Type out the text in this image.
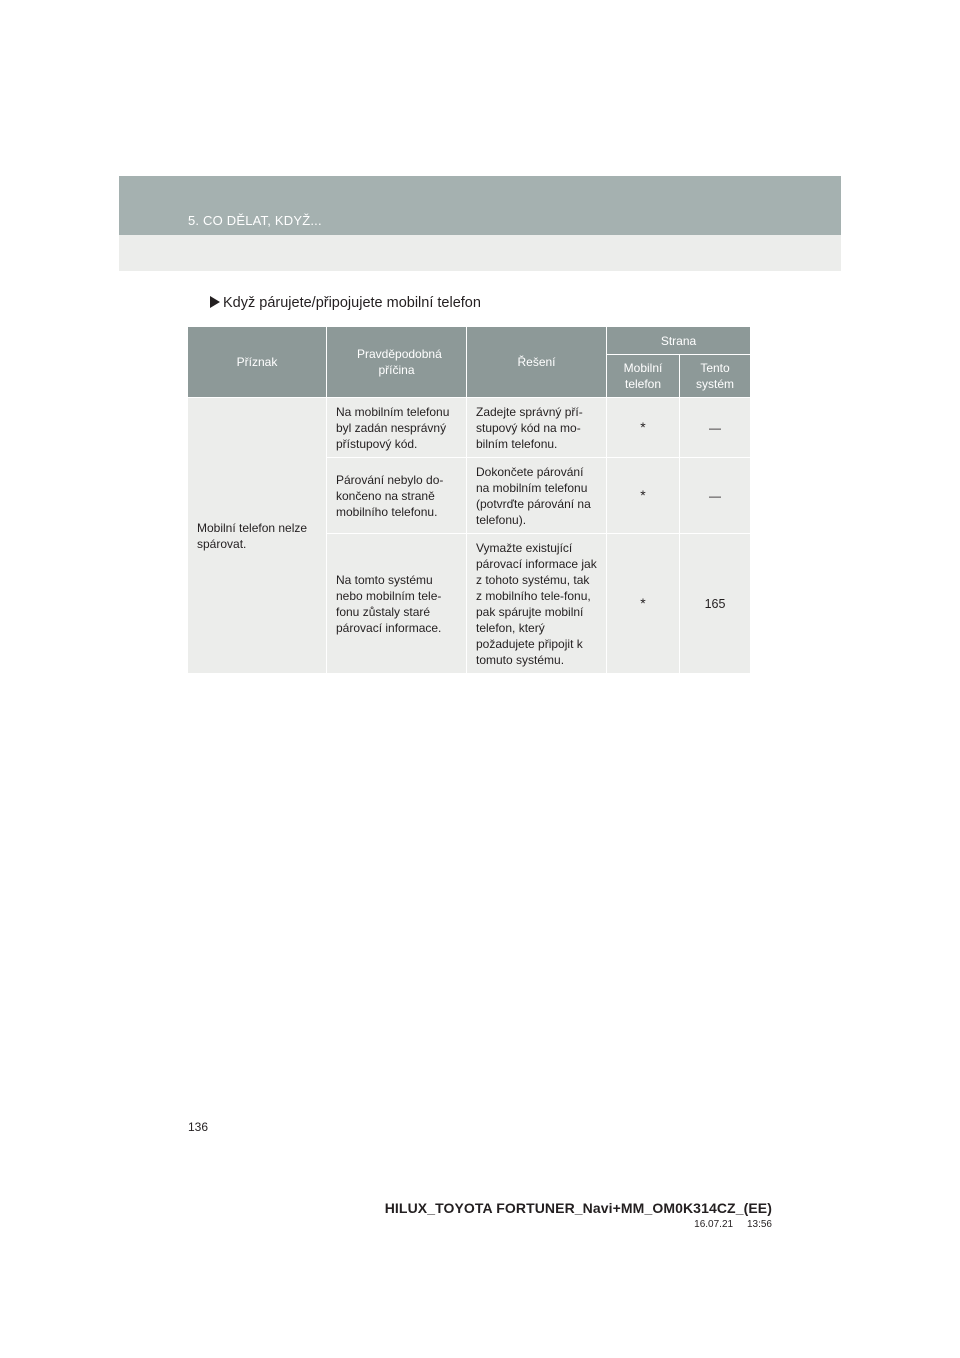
5. CO DĚLAT, KDYŽ...
Když párujete/připojujete mobilní telefon
Příznak	Pravděpodobná příčina	Řešení	Strana	
			Mobilní telefon	Tento systém

Mobilní telefon nelze spárovat.	Na mobilním telefonu byl zadán nesprávný přístupový kód.	Zadejte správný pří-stupový kód na mo-bilním telefonu.	*	—

	Párování nebylo do-končeno na straně mobilního telefonu.	Dokončete párování na mobilním telefonu (potvrďte párování na telefonu).	*	—

	Na tomto systému nebo mobilním tele-fonu zůstaly staré párovací informace.	Vymažte existující párovací informace jak z tohoto systému, tak z mobilního tele-fonu, pak spárujte mobilní telefon, který požadujete připojit k tomuto systému.	*	165
136
HILUX_TOYOTA FORTUNER_Navi+MM_OM0K314CZ_(EE)
16.07.21     13:56
